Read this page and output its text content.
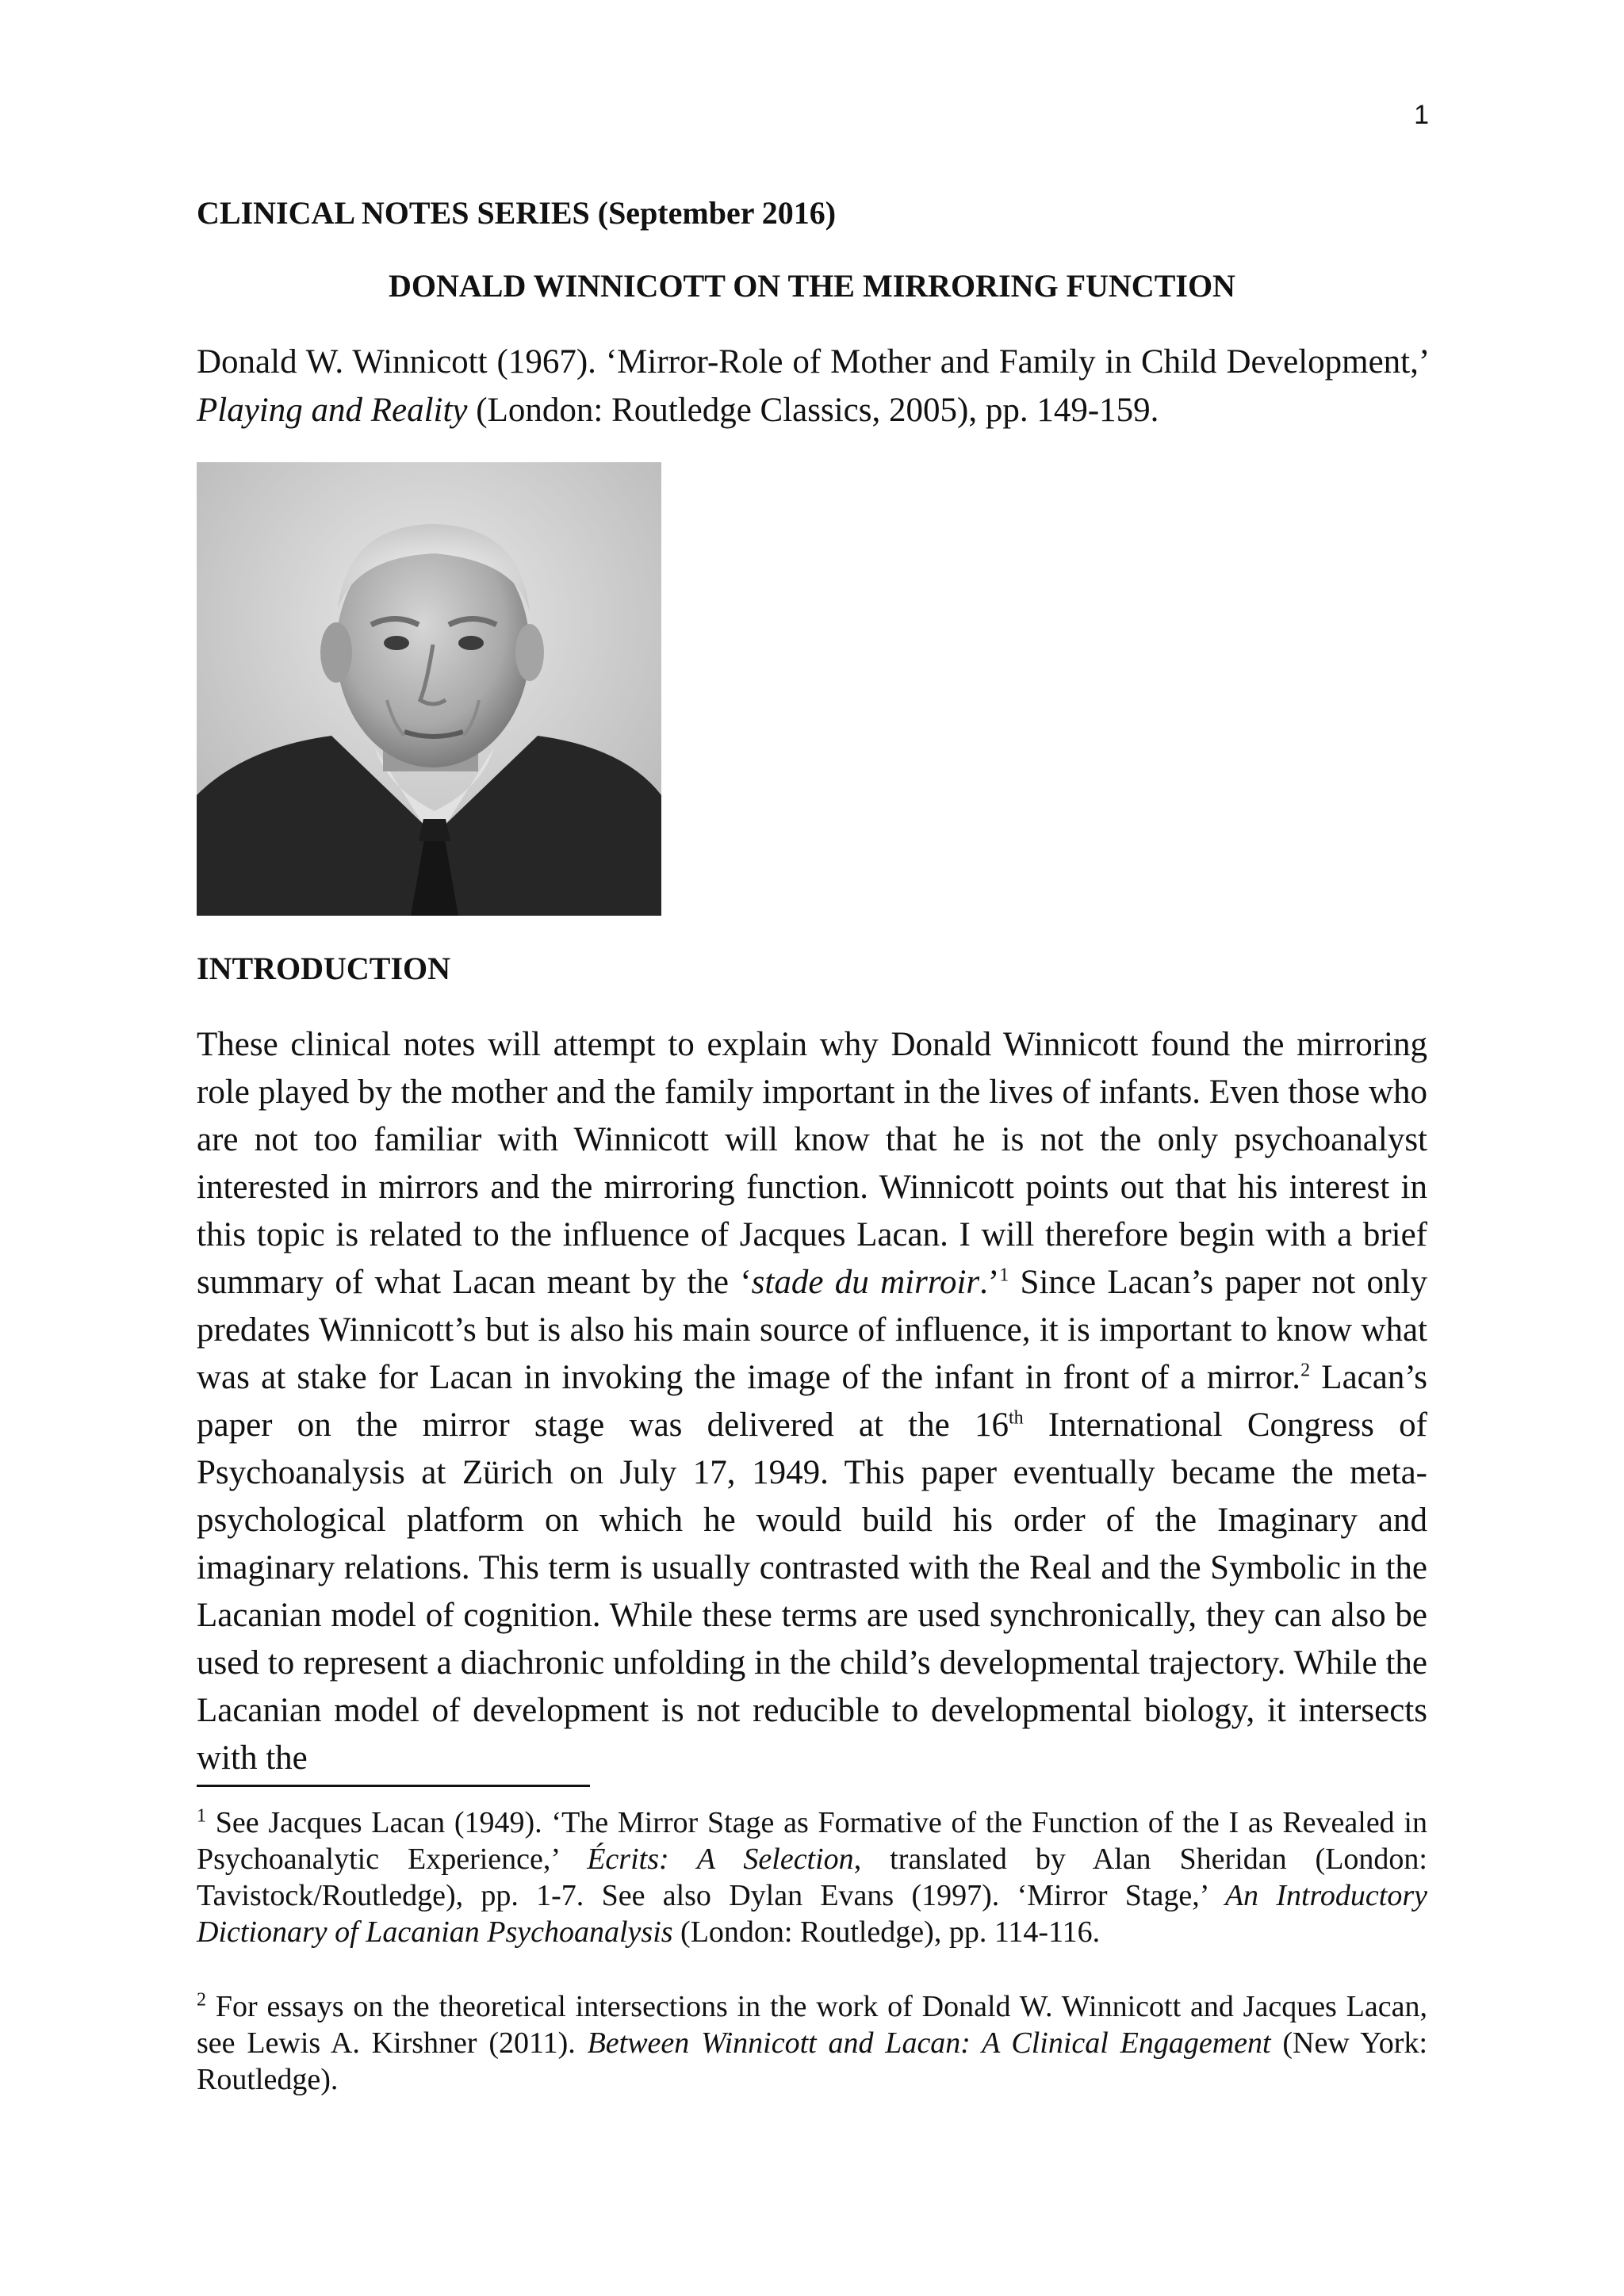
1
CLINICAL NOTES SERIES (September 2016)
DONALD WINNICOTT ON THE MIRRORING FUNCTION
Donald W. Winnicott (1967). ‘Mirror-Role of Mother and Family in Child Development,’ Playing and Reality (London: Routledge Classics, 2005), pp. 149-159.
INTRODUCTION

These clinical notes will attempt to explain why Donald Winnicott found the mirroring role played by the mother and the family important in the lives of infants. Even those who are not too familiar with Winnicott will know that he is not the only psychoanalyst interested in mirrors and the mirroring function. Winnicott points out that his interest in this topic is related to the influence of Jacques Lacan. I will therefore begin with a brief summary of what Lacan meant by the ‘stade du mirroir.’$^1$ Since Lacan’s paper not only predates Winnicott’s but is also his main source of influence, it is important to know what was at stake for Lacan in invoking the image of the infant in front of a mirror.$^2$ Lacan’s paper on the mirror stage was delivered at the 16th International Congress of Psychoanalysis at Zürich on July 17, 1949. This paper eventually became the meta-psychological platform on which he would build his order of the Imaginary and imaginary relations. This term is usually contrasted with the Real and the Symbolic in the Lacanian model of cognition. While these terms are used synchronically, they can also be used to represent a diachronic unfolding in the child’s developmental trajectory. While the Lacanian model of development is not reducible to developmental biology, it intersects with the

$^1$ See Jacques Lacan (1949). ‘The Mirror Stage as Formative of the Function of the I as Revealed in Psychoanalytic Experience,’ Écrits: A Selection, translated by Alan Sheridan (London: Tavistock/Routledge), pp. 1-7. See also Dylan Evans (1997). ‘Mirror Stage,’ An Introductory Dictionary of Lacanian Psychoanalysis (London: Routledge), pp. 114-116.

$^2$ For essays on the theoretical intersections in the work of Donald W. Winnicott and Jacques Lacan, see Lewis A. Kirshner (2011). Between Winnicott and Lacan: A Clinical Engagement (New York: Routledge).
